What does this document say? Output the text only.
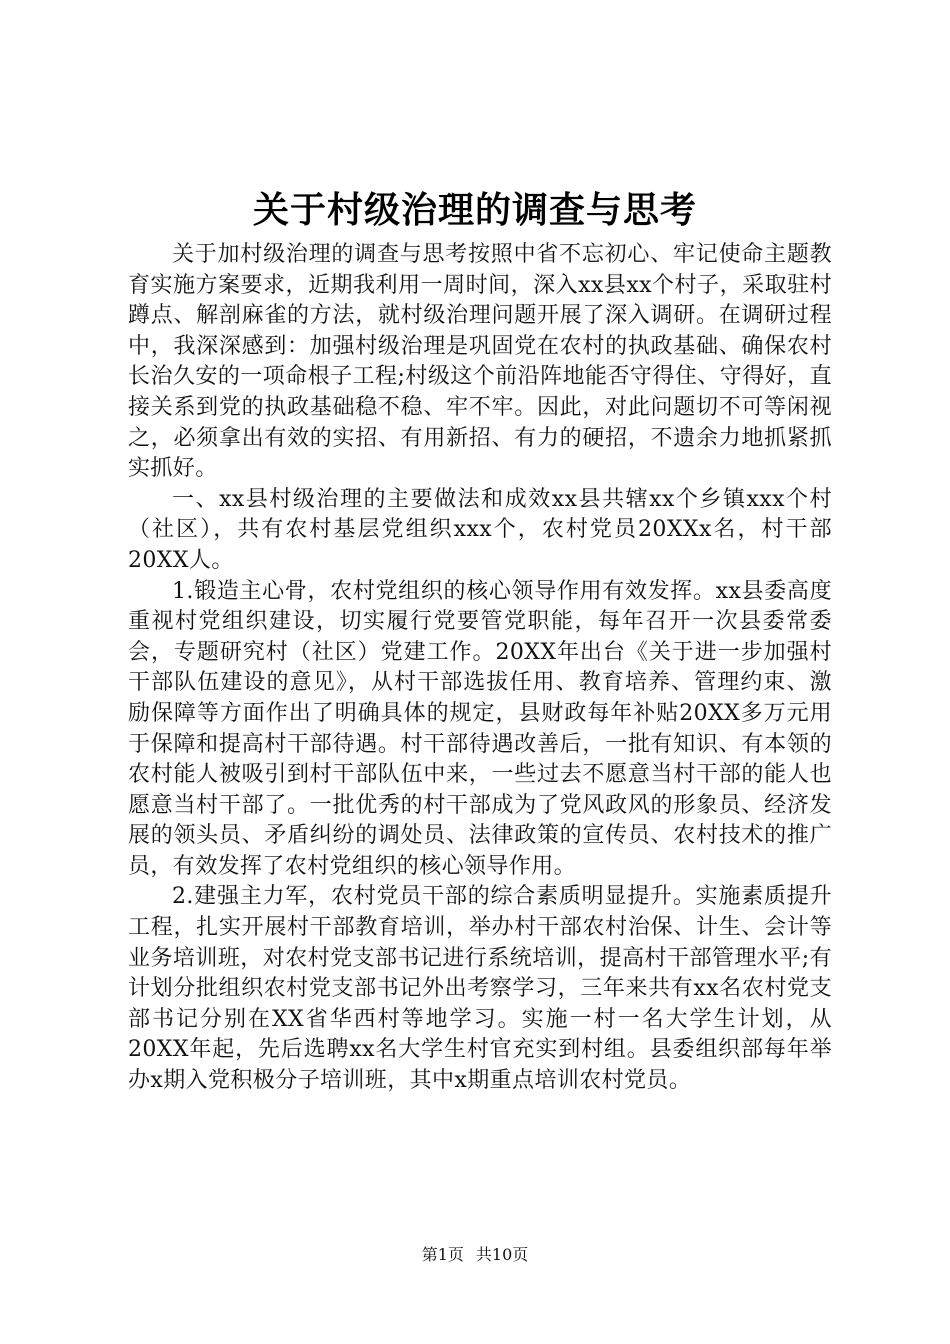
关于村级治理的调查与思考

关于加村级治理的调查与思考按照中省不忘初心、牢记使命主题教育实施方案要求，近期我利用一周时间，深入xx县xx个村子，采取驻村蹲点、解剖麻雀的方法，就村级治理问题开展了深入调研。在调研过程中，我深深感到：加强村级治理是巩固党在农村的执政基础、确保农村长治久安的一项命根子工程;村级这个前沿阵地能否守得住、守得好，直接关系到党的执政基础稳不稳、牢不牢。因此，对此问题切不可等闲视之，必须拿出有效的实招、有用新招、有力的硬招，不遗余力地抓紧抓实抓好。

一、xx县村级治理的主要做法和成效xx县共辖xx个乡镇xxx个村（社区），共有农村基层党组织xxx个，农村党员20XXx名，村干部20XX人。

1.锻造主心骨，农村党组织的核心领导作用有效发挥。xx县委高度重视村党组织建设，切实履行党要管党职能，每年召开一次县委常委会，专题研究村（社区）党建工作。20XX年出台《关于进一步加强村干部队伍建设的意见》，从村干部选拔任用、教育培养、管理约束、激励保障等方面作出了明确具体的规定，县财政每年补贴20XX多万元用于保障和提高村干部待遇。村干部待遇改善后，一批有知识、有本领的农村能人被吸引到村干部队伍中来，一些过去不愿意当村干部的能人也愿意当村干部了。一批优秀的村干部成为了党风政风的形象员、经济发展的领头员、矛盾纠纷的调处员、法律政策的宣传员、农村技术的推广员，有效发挥了农村党组织的核心领导作用。

2.建强主力军，农村党员干部的综合素质明显提升。实施素质提升工程，扎实开展村干部教育培训，举办村干部农村治保、计生、会计等业务培训班，对农村党支部书记进行系统培训，提高村干部管理水平;有计划分批组织农村党支部书记外出考察学习，三年来共有xx名农村党支部书记分别在XX省华西村等地学习。实施一村一名大学生计划，从20XX年起，先后选聘xx名大学生村官充实到村组。县委组织部每年举办x期入党积极分子培训班，其中x期重点培训农村党员。

第1页 共10页
